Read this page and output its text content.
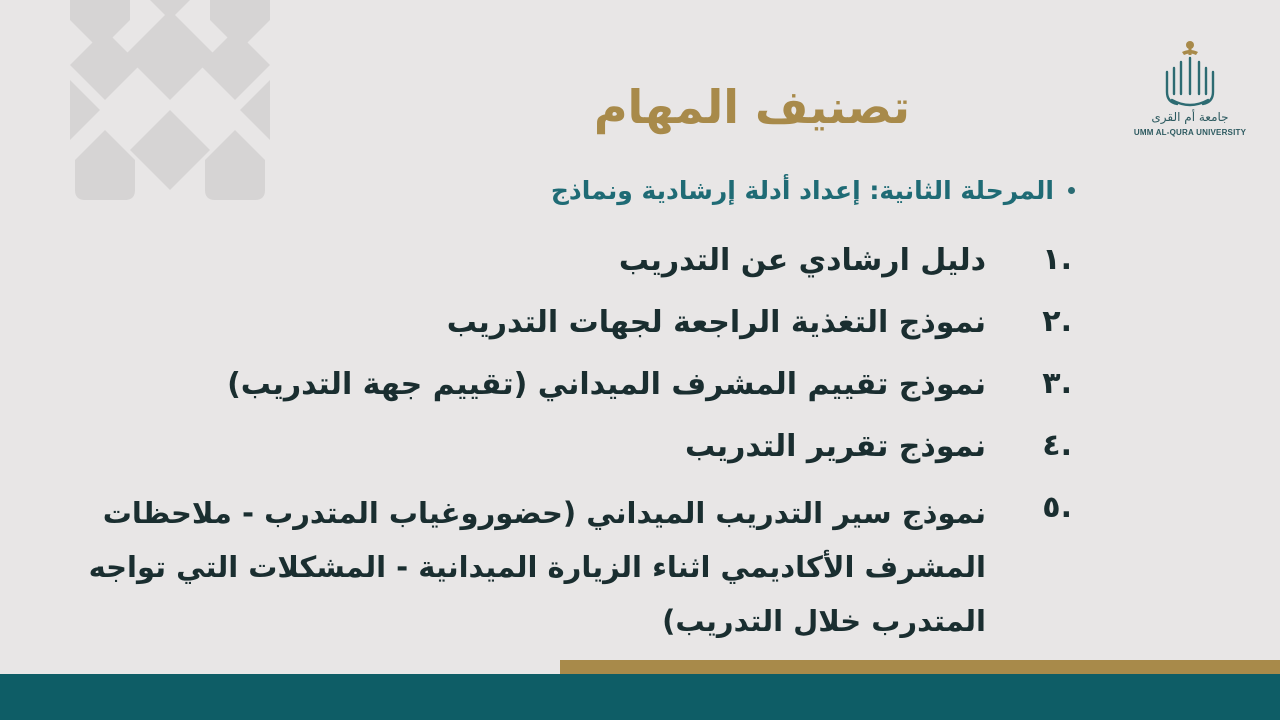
جامعة أم القرى
UMM AL-QURA UNIVERSITY
تصنيف المهام
المرحلة الثانية: إعداد أدلة إرشادية ونماذج
.١
دليل ارشادي عن التدريب
.٢
نموذج التغذية الراجعة لجهات التدريب
.٣
نموذج تقييم المشرف الميداني (تقييم جهة التدريب)
.٤
نموذج تقرير التدريب
.٥
نموذج سير التدريب الميداني (حضوروغياب المتدرب - ملاحظات المشرف الأكاديمي اثناء الزيارة الميدانية - المشكلات التي تواجه المتدرب خلال التدريب)
